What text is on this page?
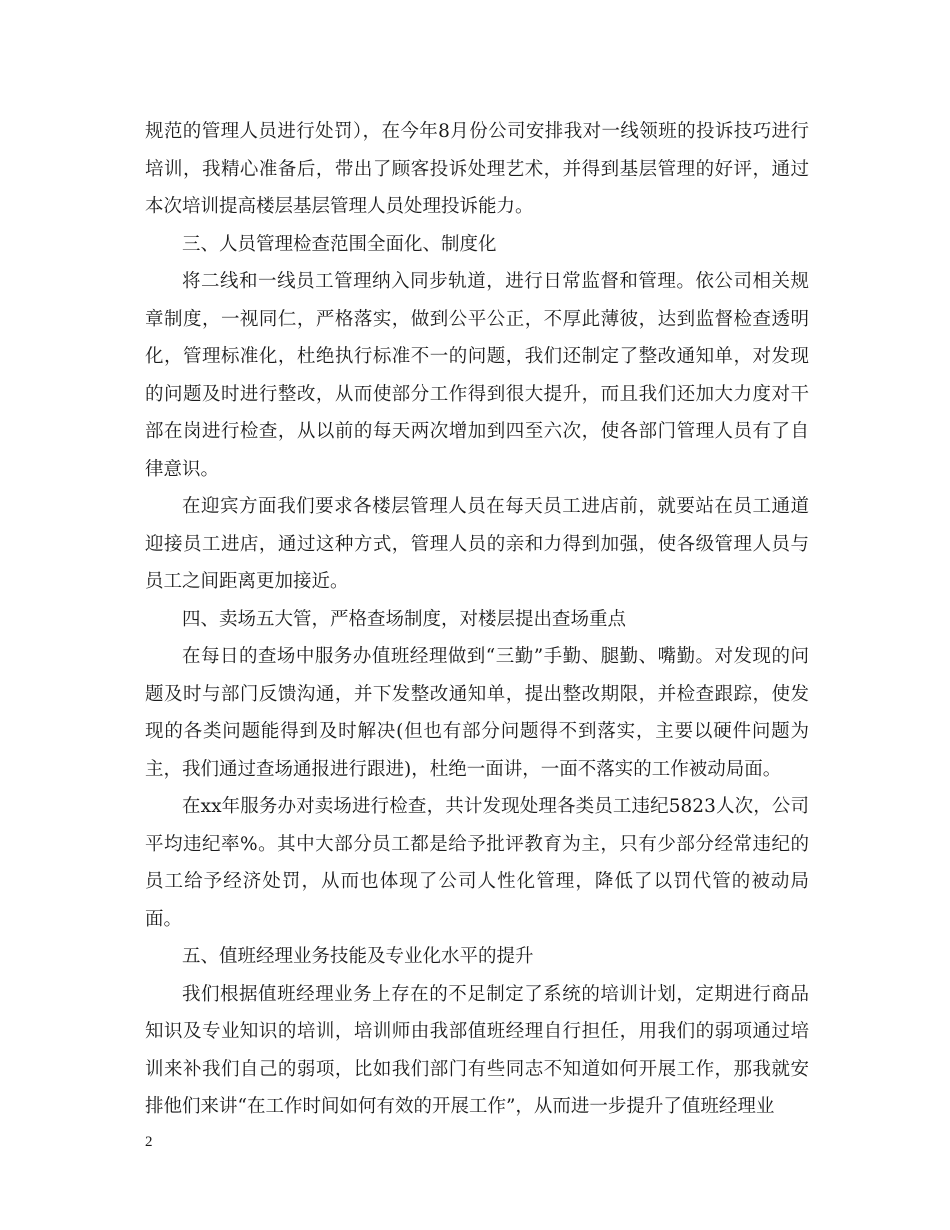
规范的管理人员进行处罚），在今年8月份公司安排我对一线领班的投诉技巧进行培训，我精心准备后，带出了顾客投诉处理艺术，并得到基层管理的好评，通过本次培训提高楼层基层管理人员处理投诉能力。

三、人员管理检查范围全面化、制度化

将二线和一线员工管理纳入同步轨道，进行日常监督和管理。依公司相关规章制度，一视同仁，严格落实，做到公平公正，不厚此薄彼，达到监督检查透明化，管理标准化，杜绝执行标准不一的问题，我们还制定了整改通知单，对发现的问题及时进行整改，从而使部分工作得到很大提升，而且我们还加大力度对干部在岗进行检查，从以前的每天两次增加到四至六次，使各部门管理人员有了自律意识。

在迎宾方面我们要求各楼层管理人员在每天员工进店前，就要站在员工通道迎接员工进店，通过这种方式，管理人员的亲和力得到加强，使各级管理人员与员工之间距离更加接近。

四、卖场五大管，严格查场制度，对楼层提出查场重点

在每日的查场中服务办值班经理做到“三勤”手勤、腿勤、嘴勤。对发现的问题及时与部门反馈沟通，并下发整改通知单，提出整改期限，并检查跟踪，使发现的各类问题能得到及时解决(但也有部分问题得不到落实，主要以硬件问题为主，我们通过查场通报进行跟进)，杜绝一面讲，一面不落实的工作被动局面。

在xx年服务办对卖场进行检查，共计发现处理各类员工违纪5823人次，公司平均违纪率%。其中大部分员工都是给予批评教育为主，只有少部分经常违纪的员工给予经济处罚，从而也体现了公司人性化管理，降低了以罚代管的被动局面。

五、值班经理业务技能及专业化水平的提升

我们根据值班经理业务上存在的不足制定了系统的培训计划，定期进行商品知识及专业知识的培训，培训师由我部值班经理自行担任，用我们的弱项通过培训来补我们自己的弱项，比如我们部门有些同志不知道如何开展工作，那我就安排他们来讲“在工作时间如何有效的开展工作”，从而进一步提升了值班经理业

2
